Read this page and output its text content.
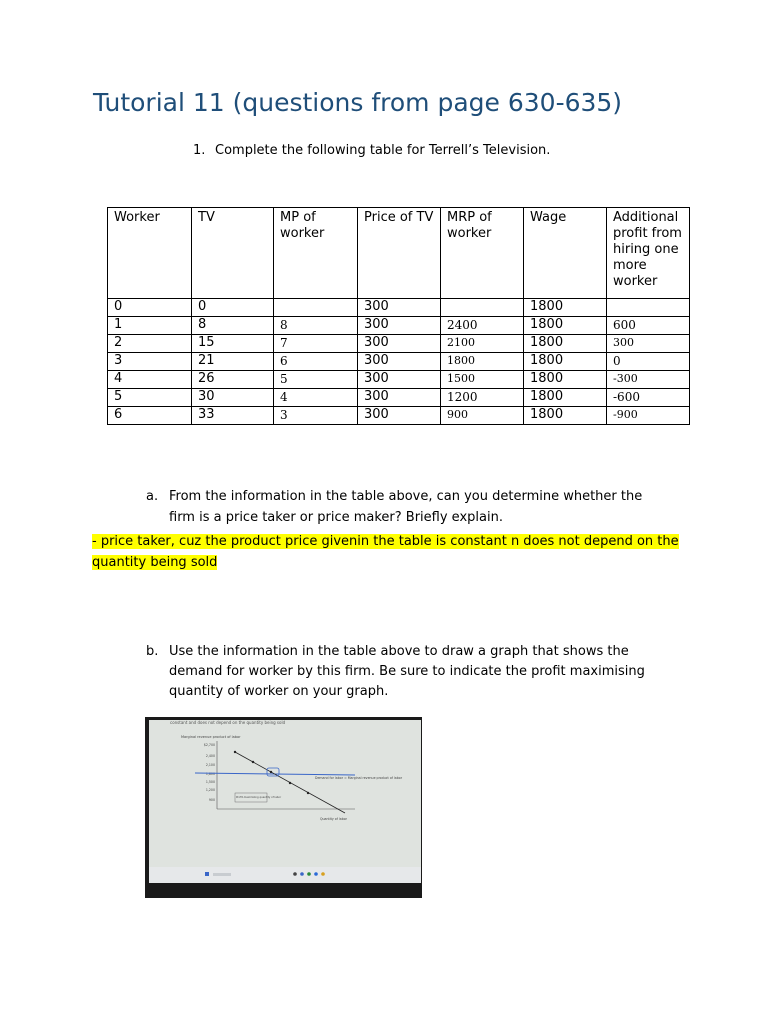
Tutorial 11 (questions from page 630-635)
1. Complete the following table for Terrell’s Television.
Worker	TV	MP of worker	Price of TV	MRP of worker	Wage	Additional profit from hiring one more worker
0	0		300		1800	
1	8	8	300	2400	1800	600
2	15	7	300	2100	1800	300
3	21	6	300	1800	1800	0
4	26	5	300	1500	1800	-300
5	30	4	300	1200	1800	-600
6	33	3	300	900	1800	-900
a. From the information in the table above, can you determine whether the firm is a price taker or price maker? Briefly explain.
- price taker, cuz the product price givenin the table is constant n does not depend on the quantity being sold
b. Use the information in the table above to draw a graph that shows the demand for worker by this firm. Be sure to indicate the profit maximising quantity of worker on your graph.
constant and does not depend on the quantity being sold
Marginal revenue product of labor
$2,700
2,400
2,100
1,800
1,500
1,200
900
Demand for labor = Marginal revenue product of labor
Profit-maximizing quantity of labor
Quantity of labor
